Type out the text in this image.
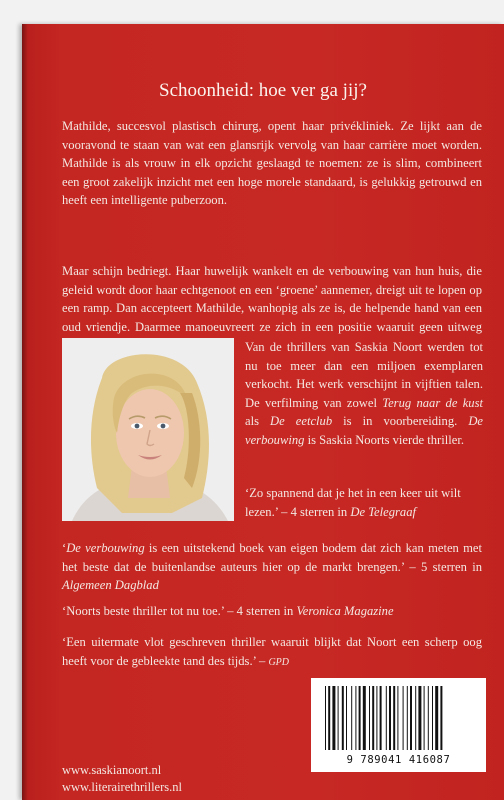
Schoonheid: hoe ver ga jij?
Mathilde, succesvol plastisch chirurg, opent haar privékliniek. Ze lijkt aan de vooravond te staan van wat een glansrijk vervolg van haar carrière moet worden. Mathilde is als vrouw in elk opzicht geslaagd te noemen: ze is slim, combineert een groot zakelijk inzicht met een hoge morele standaard, is gelukkig getrouwd en heeft een intelligente puberzoon.
Maar schijn bedriegt. Haar huwelijk wankelt en de verbouwing van hun huis, die geleid wordt door haar echtgenoot en een ‘groene’ aannemer, dreigt uit te lopen op een ramp. Dan accepteert Mathilde, wanhopig als ze is, de helpende hand van een oud vriendje. Daarmee manoeuvreert ze zich in een positie waaruit geen uitweg
Van de thrillers van Saskia Noort werden tot nu toe meer dan een miljoen exemplaren verkocht. Het werk verschijnt in vijftien talen. De verfilming van zowel Terug naar de kust als De eetclub is in voorbereiding. De verbouwing is Saskia Noorts vierde thriller.
‘Zo spannend dat je het in een keer uit wilt lezen.’ – 4 sterren in De Telegraaf
‘De verbouwing is een uitstekend boek van eigen bodem dat zich kan meten met het beste dat de buitenlandse auteurs hier op de markt brengen.’ – 5 sterren in Algemeen Dagblad
‘Noorts beste thriller tot nu toe.’ – 4 sterren in Veronica Magazine
‘Een uitermate vlot geschreven thriller waaruit blijkt dat Noort een scherp oog heeft voor de gebleekte tand des tijds.’ – GPD
www.saskianoort.nl
www.literairethrillers.nl
9 789041 416087
